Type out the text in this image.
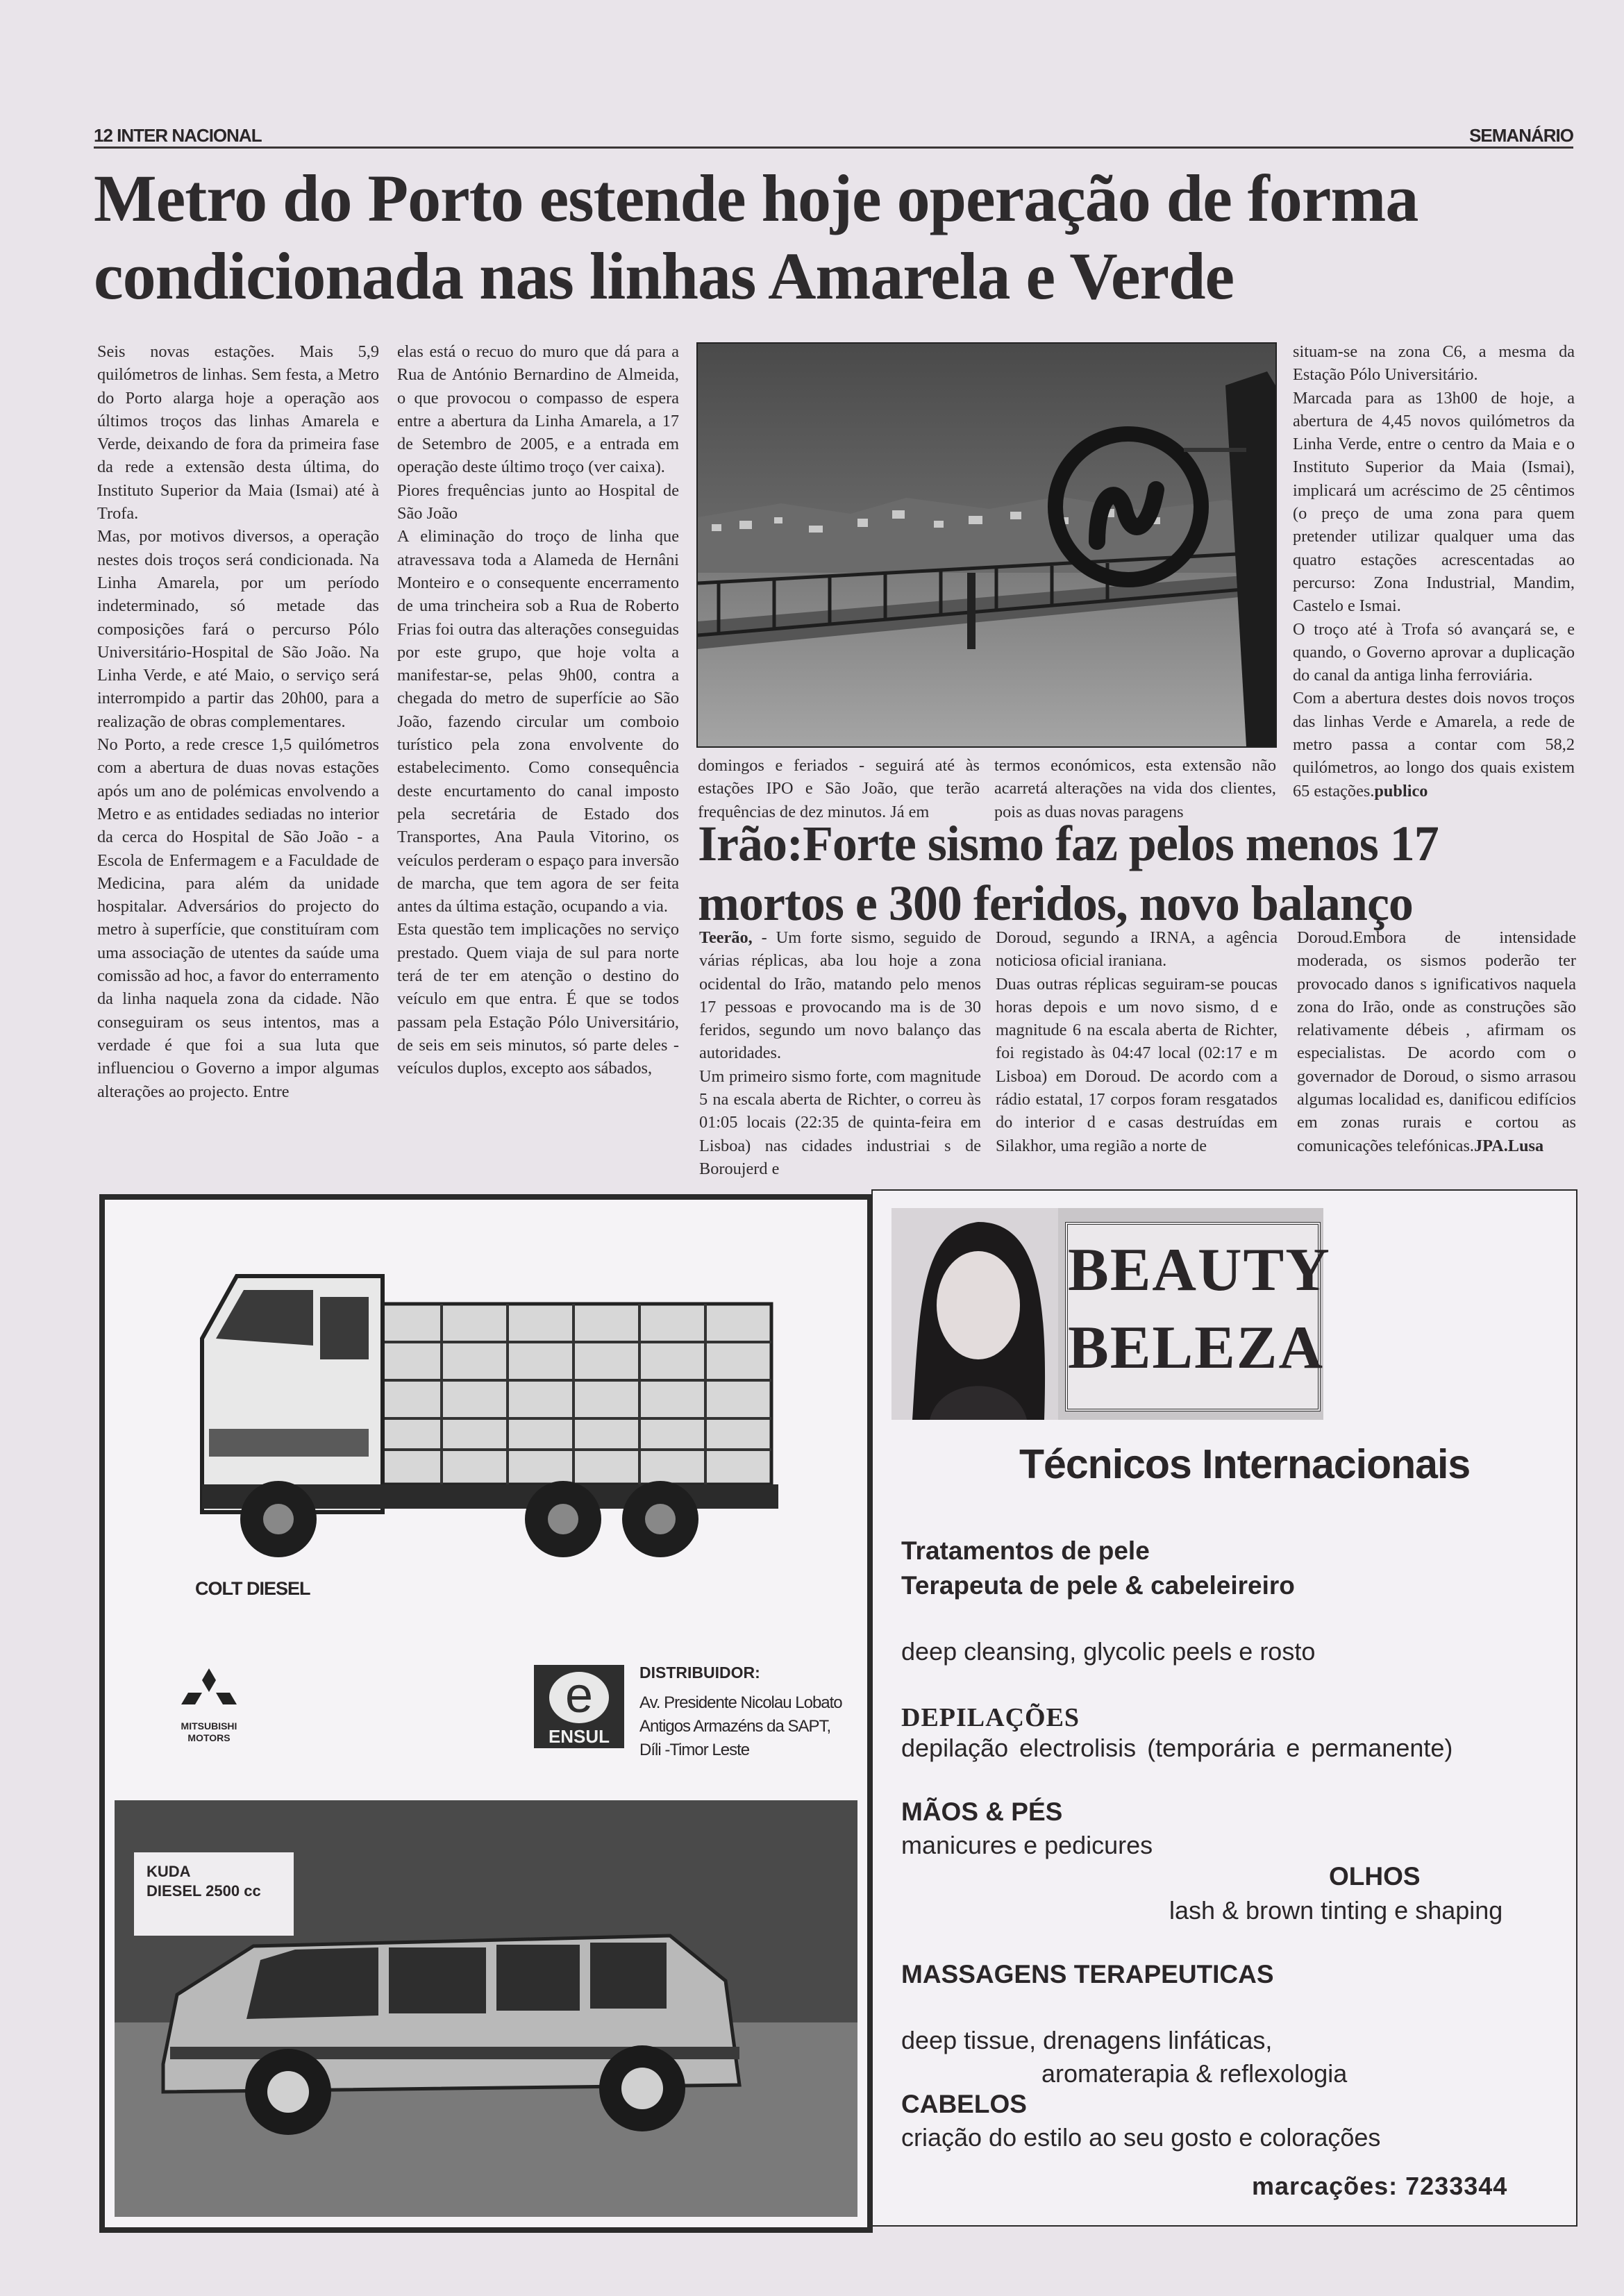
12 INTER NACIONAL	SEMANÁRIO
Metro do Porto estende hoje operação de forma
condicionada nas linhas Amarela e Verde

Seis novas estações. Mais 5,9 quilómetros de linhas. Sem festa, a Metro do Porto alarga hoje a operação aos últimos troços das linhas Amarela e Verde, deixando de fora da primeira fase da rede a extensão desta última, do Instituto Superior da Maia (Ismai) até à Trofa.

Mas, por motivos diversos, a operação nestes dois troços será condicionada. Na Linha Amarela, por um período indeterminado, só metade das composições fará o percurso Pólo Universitário-Hospital de São João. Na Linha Verde, e até Maio, o serviço será interrompido a partir das 20h00, para a realização de obras complementares.

No Porto, a rede cresce 1,5 quilómetros com a abertura de duas novas estações após um ano de polémicas envolvendo a Metro e as entidades sediadas no interior da cerca do Hospital de São João - a Escola de Enfermagem e a Faculdade de Medicina, para além da unidade hospitalar. Adversários do projecto do metro à superfície, que constituíram com uma associação de utentes da saúde uma comissão ad hoc, a favor do enterramento da linha naquela zona da cidade. Não conseguiram os seus intentos, mas a verdade é que foi a sua luta que influenciou o Governo a impor algumas alterações ao projecto. Entre

elas está o recuo do muro que dá para a Rua de António Bernardino de Almeida, o que provocou o compasso de espera entre a abertura da Linha Amarela, a 17 de Setembro de 2005, e a entrada em operação deste último troço (ver caixa).

Piores frequências junto ao Hospital de São João

A eliminação do troço de linha que atravessava toda a Alameda de Hernâni Monteiro e o consequente encerramento de uma trincheira sob a Rua de Roberto Frias foi outra das alterações conseguidas por este grupo, que hoje volta a manifestar-se, pelas 9h00, contra a chegada do metro de superfície ao São João, fazendo circular um comboio turístico pela zona envolvente do estabelecimento. Como consequência deste encurtamento do canal imposto pela secretária de Estado dos Transportes, Ana Paula Vitorino, os veículos perderam o espaço para inversão de marcha, que tem agora de ser feita antes da última estação, ocupando a via.

Esta questão tem implicações no serviço prestado. Quem viaja de sul para norte terá de ter em atenção o destino do veículo em que entra. É que se todos passam pela Estação Pólo Universitário, de seis em seis minutos, só parte deles - veículos duplos, excepto aos sábados,

domingos e feriados - seguirá até às estações IPO e São João, que terão frequências de dez minutos. Já em

termos económicos, esta extensão não acarretá alterações na vida dos clientes, pois as duas novas paragens

situam-se na zona C6, a mesma da Estação Pólo Universitário.

Marcada para as 13h00 de hoje, a abertura de 4,45 novos quilómetros da Linha Verde, entre o centro da Maia e o Instituto Superior da Maia (Ismai), implicará um acréscimo de 25 cêntimos (o preço de uma zona para quem pretender utilizar qualquer uma das quatro estações acrescentadas ao percurso: Zona Industrial, Mandim, Castelo e Ismai.

O troço até à Trofa só avançará se, e quando, o Governo aprovar a duplicação do canal da antiga linha ferroviária.

Com a abertura destes dois novos troços das linhas Verde e Amarela, a rede de metro passa a contar com 58,2 quilómetros, ao longo dos quais existem 65 estações.publico

Irão:Forte sismo faz pelos menos 17
mortos e 300 feridos, novo balanço

Teerão, - Um forte sismo, seguido de várias réplicas, aba lou hoje a zona ocidental do Irão, matando pelo menos 17 pessoas e provocando ma is de 30 feridos, segundo um novo balanço das autoridades.

Um primeiro sismo forte, com magnitude 5 na escala aberta de Richter, o correu às 01:05 locais (22:35 de quinta-feira em Lisboa) nas cidades industriai s de Boroujerd e

Doroud, segundo a IRNA, a agência noticiosa oficial iraniana.

Duas outras réplicas seguiram-se poucas horas depois e um novo sismo, d e magnitude 6 na escala aberta de Richter, foi registado às 04:47 local (02:17 e m Lisboa) em Doroud. De acordo com a rádio estatal, 17 corpos foram resgatados do interior d e casas destruídas em Silakhor, uma região a norte de

Doroud.Embora de intensidade moderada, os sismos poderão ter provocado danos s ignificativos naquela zona do Irão, onde as construções são relativamente débeis , afirmam os especialistas. De acordo com o governador de Doroud, o sismo arrasou algumas localidad es, danificou edifícios em zonas rurais e cortou as comunicações telefónicas.JPA.Lusa

COLT DIESEL
MITSUBISHI MOTORS
e
ENSUL
DISTRIBUIDOR:
Av. Presidente Nicolau Lobato
Antigos Armazéns da SAPT,
Díli -Timor Leste
KUDA
DIESEL 2500 cc
BEAUTY
BELEZA
Técnicos Internacionais
Tratamentos de pele
Terapeuta de pele & cabeleireiro
deep cleansing, glycolic peels e rosto
DEPILAÇÕES
depilação electrolisis (temporária e permanente)
MÃOS & PÉS
manicures e pedicures
OLHOS
lash & brown tinting e shaping
MASSAGENS TERAPEUTICAS
deep tissue, drenagens linfáticas,
aromaterapia & reflexologia
CABELOS
criação do estilo ao seu gosto e colorações
marcações: 7233344
